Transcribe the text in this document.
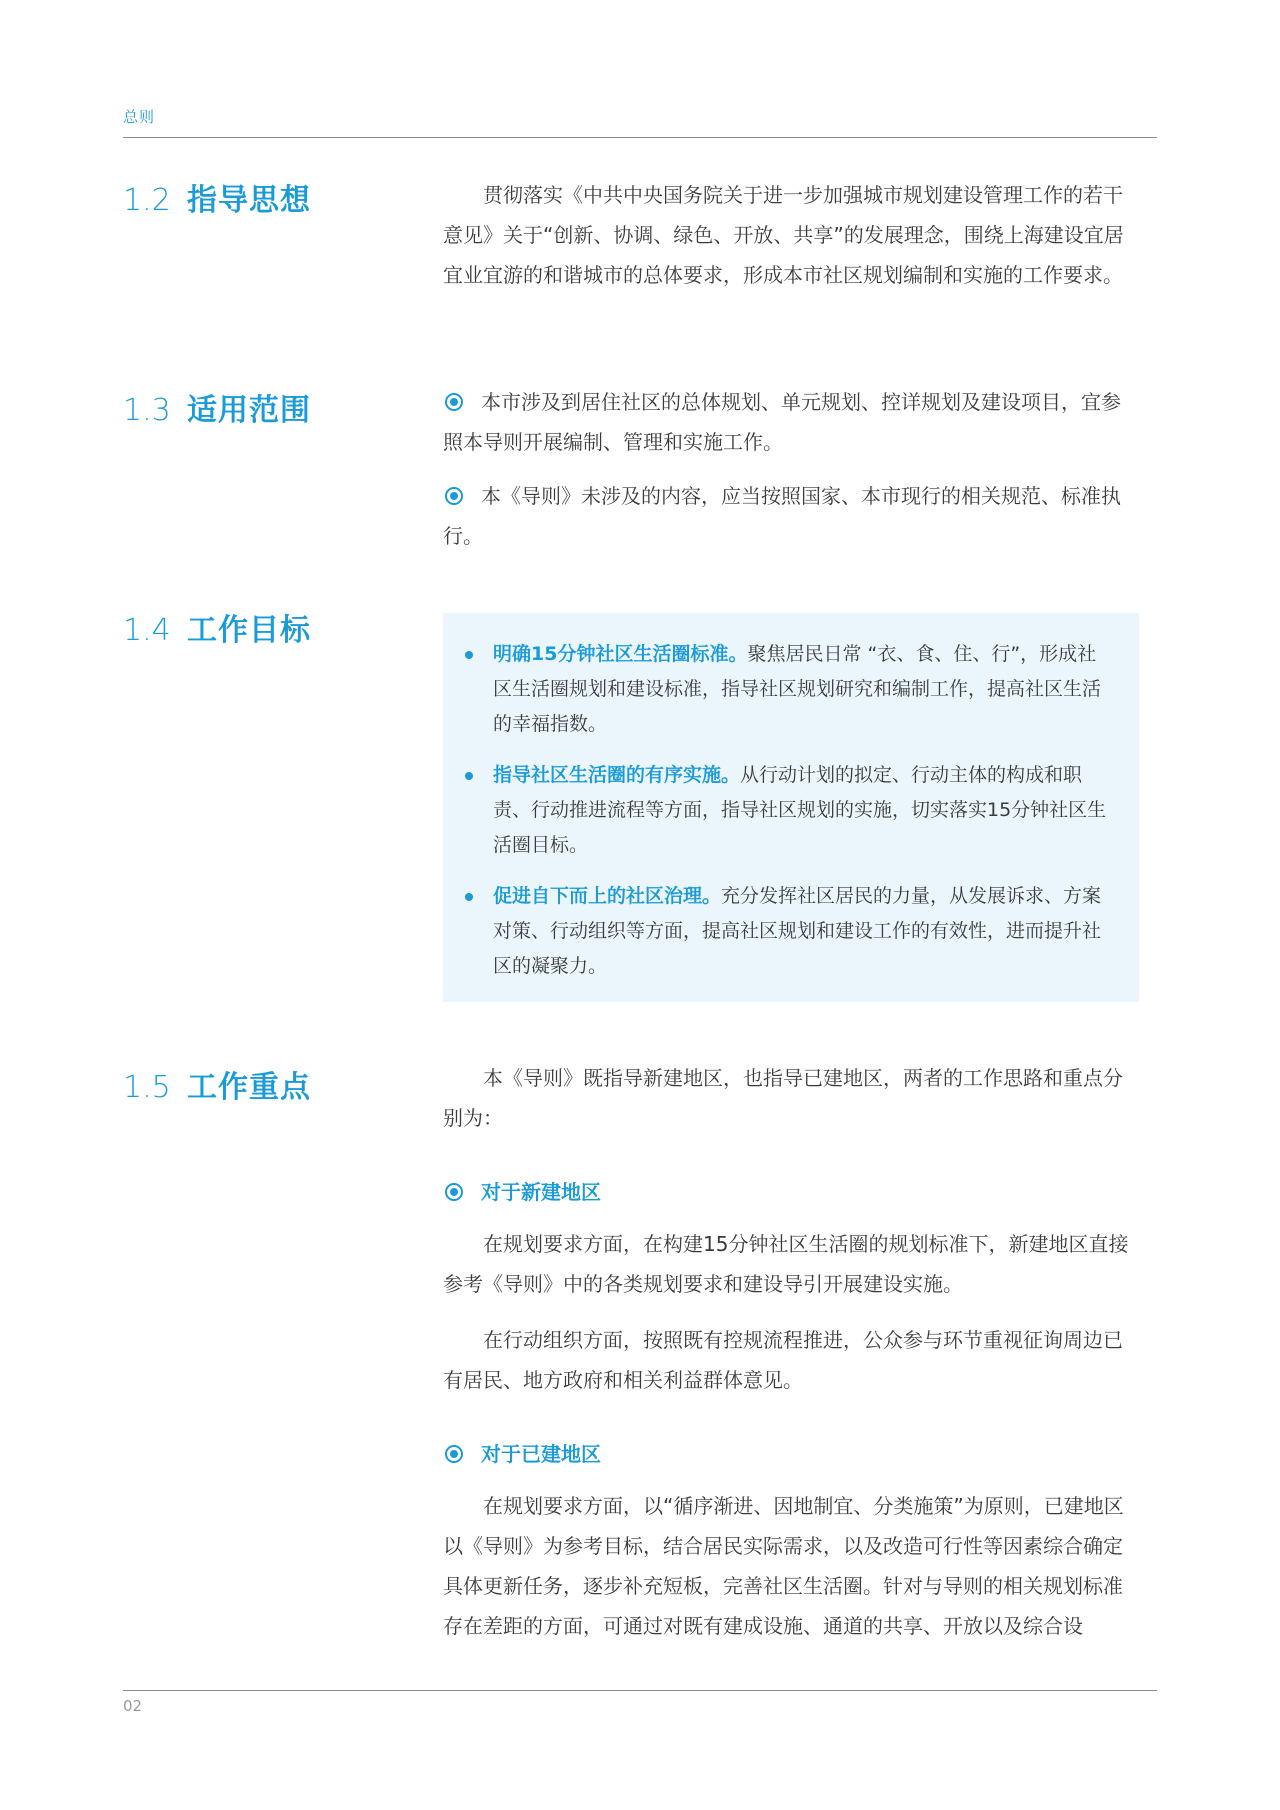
总则
1.2 指导思想	贯彻落实《中共中央国务院关于进一步加强城市规划建设管理工作的若干意见》关于“创新、协调、绿色、开放、共享”的发展理念，围绕上海建设宜居宜业宜游的和谐城市的总体要求，形成本市社区规划编制和实施的工作要求。

1.3 适用范围	本市涉及到居住社区的总体规划、单元规划、控详规划及建设项目，宜参照本导则开展编制、管理和实施工作。

本《导则》未涉及的内容，应当按照国家、本市现行的相关规范、标准执行。

1.4 工作目标
明确15分钟社区生活圈标准。聚焦居民日常 “衣、食、住、行”，形成社区生活圈规划和建设标准，指导社区规划研究和编制工作，提高社区生活的幸福指数。
指导社区生活圈的有序实施。从行动计划的拟定、行动主体的构成和职责、行动推进流程等方面，指导社区规划的实施，切实落实15分钟社区生活圈目标。
促进自下而上的社区治理。充分发挥社区居民的力量，从发展诉求、方案对策、行动组织等方面，提高社区规划和建设工作的有效性，进而提升社区的凝聚力。
1.5 工作重点	本《导则》既指导新建地区，也指导已建地区，两者的工作思路和重点分别为：

对于新建地区

在规划要求方面，在构建15分钟社区生活圈的规划标准下，新建地区直接参考《导则》中的各类规划要求和建设导引开展建设实施。

在行动组织方面，按照既有控规流程推进，公众参与环节重视征询周边已有居民、地方政府和相关利益群体意见。

对于已建地区

在规划要求方面，以“循序渐进、因地制宜、分类施策”为原则，已建地区以《导则》为参考目标，结合居民实际需求，以及改造可行性等因素综合确定具体更新任务，逐步补充短板，完善社区生活圈。针对与导则的相关规划标准存在差距的方面，可通过对既有建成设施、通道的共享、开放以及综合设

02
